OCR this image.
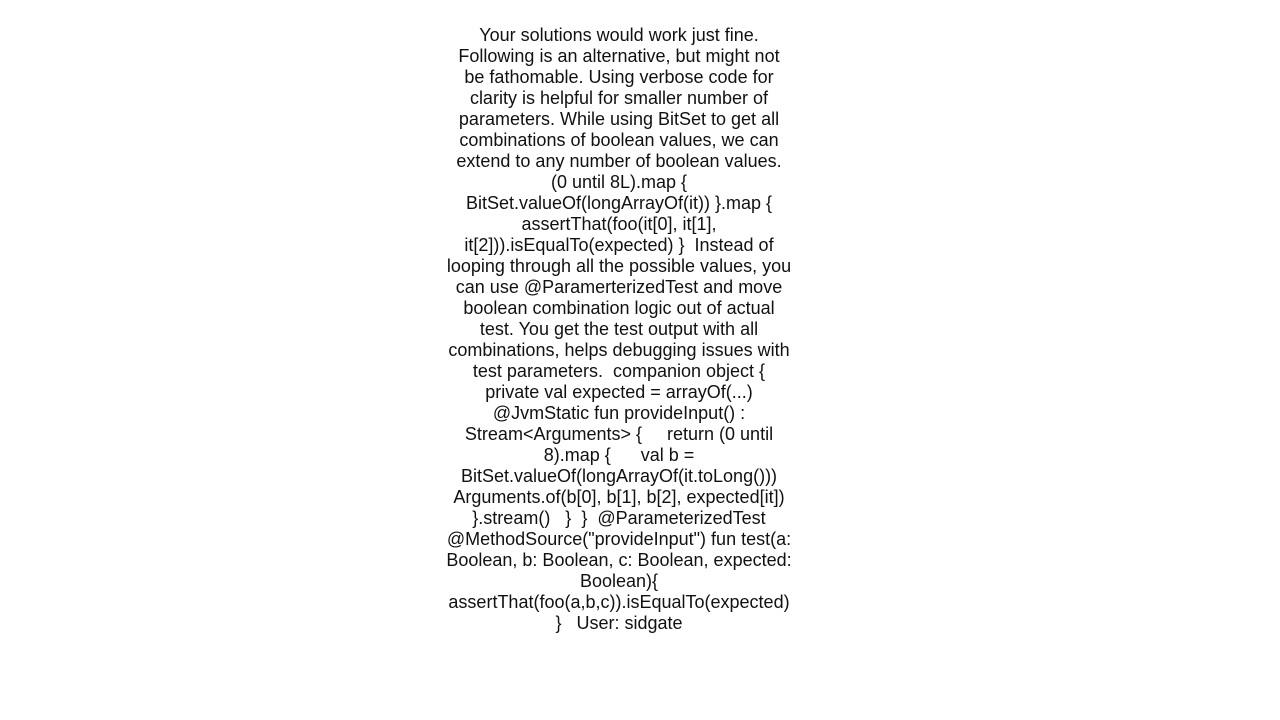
Your solutions would work just fine. Following is an alternative, but might not be fathomable. Using verbose code for clarity is helpful for smaller number of parameters. While using BitSet to get all combinations of boolean values, we can extend to any number of boolean values. (0 until 8L).map { BitSet.valueOf(longArrayOf(it)) }.map { assertThat(foo(it[0], it[1], it[2])).isEqualTo(expected) }  Instead of looping through all the possible values, you can use @ParamerterizedTest and move boolean combination logic out of actual test. You get the test output with all combinations, helps debugging issues with test parameters.  companion object {   private val expected = arrayOf(...)   @JvmStatic fun provideInput() : Stream<Arguments> {     return (0 until 8).map {      val b = BitSet.valueOf(longArrayOf(it.toLong()))      Arguments.of(b[0], b[1], b[2], expected[it])    }.stream()   }  }  @ParameterizedTest @MethodSource("provideInput") fun test(a: Boolean, b: Boolean, c: Boolean, expected: Boolean){   assertThat(foo(a,b,c)).isEqualTo(expected) }   User: sidgate
